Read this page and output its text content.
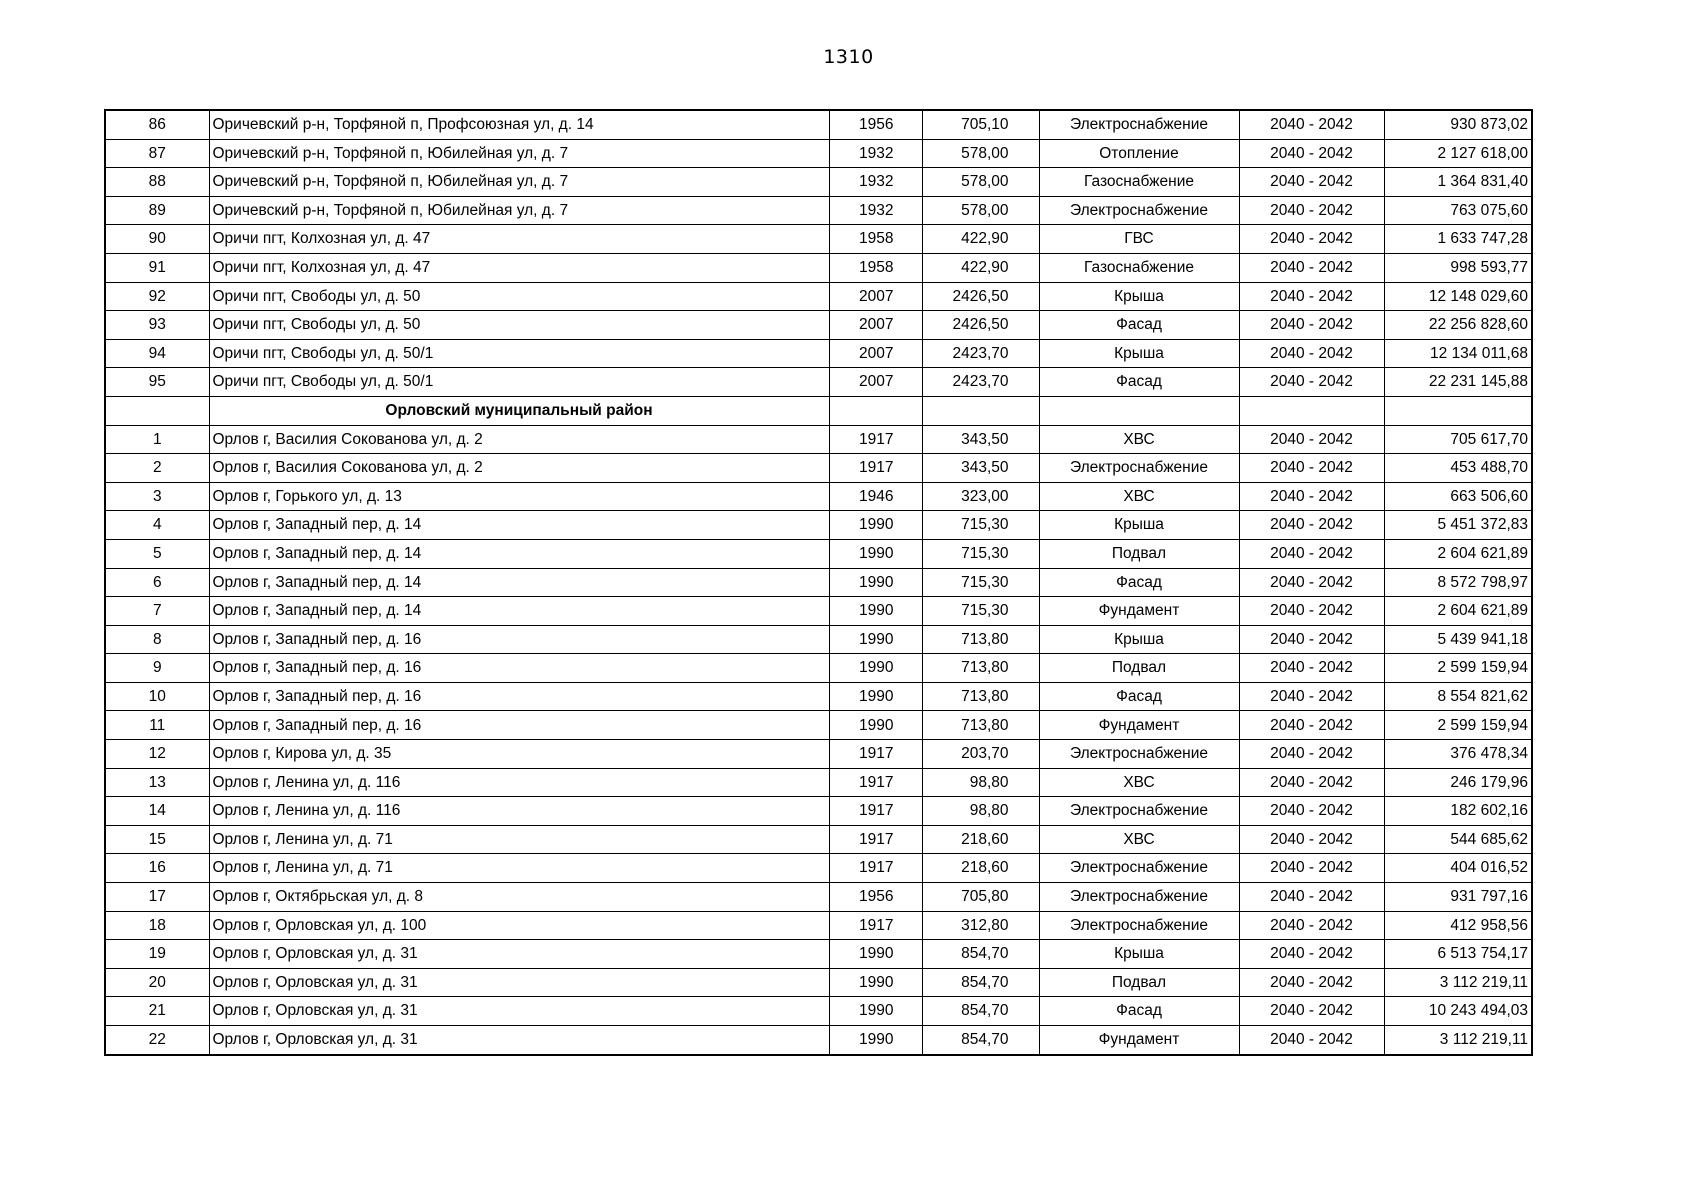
1310
86	Оричевский р-н, Торфяной п, Профсоюзная ул, д. 14	1956	705,10	Электроснабжение	2040 - 2042	930 873,02
87	Оричевский р-н, Торфяной п, Юбилейная ул, д. 7	1932	578,00	Отопление	2040 - 2042	2 127 618,00
88	Оричевский р-н, Торфяной п, Юбилейная ул, д. 7	1932	578,00	Газоснабжение	2040 - 2042	1 364 831,40
89	Оричевский р-н, Торфяной п, Юбилейная ул, д. 7	1932	578,00	Электроснабжение	2040 - 2042	763 075,60
90	Оричи пгт, Колхозная ул, д. 47	1958	422,90	ГВС	2040 - 2042	1 633 747,28
91	Оричи пгт, Колхозная ул, д. 47	1958	422,90	Газоснабжение	2040 - 2042	998 593,77
92	Оричи пгт, Свободы ул, д. 50	2007	2426,50	Крыша	2040 - 2042	12 148 029,60
93	Оричи пгт, Свободы ул, д. 50	2007	2426,50	Фасад	2040 - 2042	22 256 828,60
94	Оричи пгт, Свободы ул, д. 50/1	2007	2423,70	Крыша	2040 - 2042	12 134 011,68
95	Оричи пгт, Свободы ул, д. 50/1	2007	2423,70	Фасад	2040 - 2042	22 231 145,88
	Орловский муниципальный район					
1	Орлов г, Василия Сокованова ул, д. 2	1917	343,50	ХВС	2040 - 2042	705 617,70
2	Орлов г, Василия Сокованова ул, д. 2	1917	343,50	Электроснабжение	2040 - 2042	453 488,70
3	Орлов г, Горького ул, д. 13	1946	323,00	ХВС	2040 - 2042	663 506,60
4	Орлов г, Западный пер, д. 14	1990	715,30	Крыша	2040 - 2042	5 451 372,83
5	Орлов г, Западный пер, д. 14	1990	715,30	Подвал	2040 - 2042	2 604 621,89
6	Орлов г, Западный пер, д. 14	1990	715,30	Фасад	2040 - 2042	8 572 798,97
7	Орлов г, Западный пер, д. 14	1990	715,30	Фундамент	2040 - 2042	2 604 621,89
8	Орлов г, Западный пер, д. 16	1990	713,80	Крыша	2040 - 2042	5 439 941,18
9	Орлов г, Западный пер, д. 16	1990	713,80	Подвал	2040 - 2042	2 599 159,94
10	Орлов г, Западный пер, д. 16	1990	713,80	Фасад	2040 - 2042	8 554 821,62
11	Орлов г, Западный пер, д. 16	1990	713,80	Фундамент	2040 - 2042	2 599 159,94
12	Орлов г, Кирова ул, д. 35	1917	203,70	Электроснабжение	2040 - 2042	376 478,34
13	Орлов г, Ленина ул, д. 116	1917	98,80	ХВС	2040 - 2042	246 179,96
14	Орлов г, Ленина ул, д. 116	1917	98,80	Электроснабжение	2040 - 2042	182 602,16
15	Орлов г, Ленина ул, д. 71	1917	218,60	ХВС	2040 - 2042	544 685,62
16	Орлов г, Ленина ул, д. 71	1917	218,60	Электроснабжение	2040 - 2042	404 016,52
17	Орлов г, Октябрьская ул, д. 8	1956	705,80	Электроснабжение	2040 - 2042	931 797,16
18	Орлов г, Орловская ул, д. 100	1917	312,80	Электроснабжение	2040 - 2042	412 958,56
19	Орлов г, Орловская ул, д. 31	1990	854,70	Крыша	2040 - 2042	6 513 754,17
20	Орлов г, Орловская ул, д. 31	1990	854,70	Подвал	2040 - 2042	3 112 219,11
21	Орлов г, Орловская ул, д. 31	1990	854,70	Фасад	2040 - 2042	10 243 494,03
22	Орлов г, Орловская ул, д. 31	1990	854,70	Фундамент	2040 - 2042	3 112 219,11
